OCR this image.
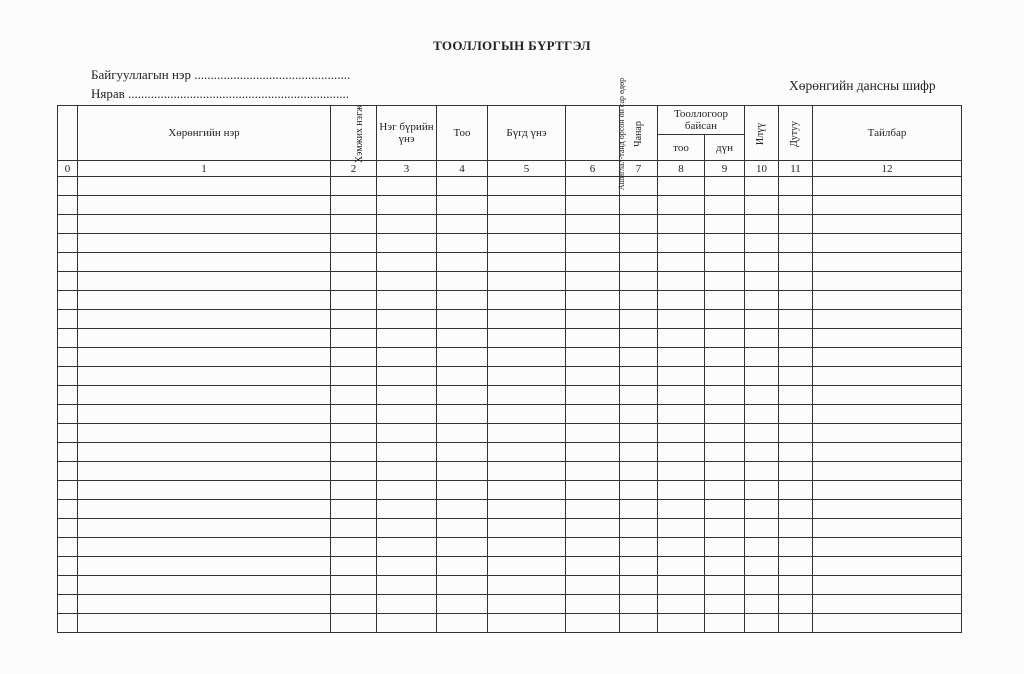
ТООЛЛОГЫН БҮРТГЭЛ
Байгууллагын нэр ................................................
Нярав ....................................................................
Хөрөнгийн дансны шифр
	Хөрөнгийн нэр	Хэмжих нэгж	Нэг бүрийн үнэ	Тоо	Бүгд үнэ	Ашиглал-танд орсон он сар өдөр	Чанар	Тооллогоор байсан		Илүү	Дутуу	Тайлбар
								тоо	дүн			
0	1	2	3	4	5	6	7	8	9	10	11	12
